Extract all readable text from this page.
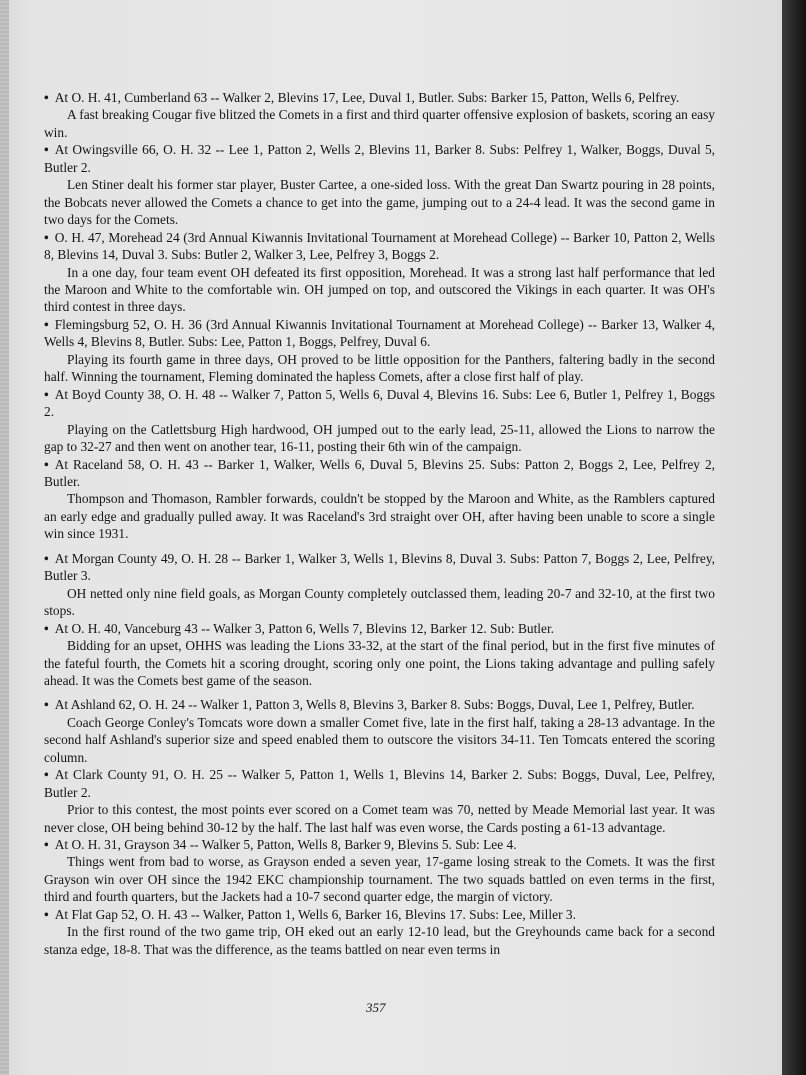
• At O. H. 41, Cumberland 63 -- Walker 2, Blevins 17, Lee, Duval 1, Butler. Subs: Barker 15, Patton, Wells 6, Pelfrey.

A fast breaking Cougar five blitzed the Comets in a first and third quarter offensive explosion of baskets, scoring an easy win.

• At Owingsville 66, O. H. 32 -- Lee 1, Patton 2, Wells 2, Blevins 11, Barker 8. Subs: Pelfrey 1, Walker, Boggs, Duval 5, Butler 2.

Len Stiner dealt his former star player, Buster Cartee, a one-sided loss. With the great Dan Swartz pouring in 28 points, the Bobcats never allowed the Comets a chance to get into the game, jumping out to a 24-4 lead. It was the second game in two days for the Comets.

• O. H. 47, Morehead 24 (3rd Annual Kiwannis Invitational Tournament at Morehead College) -- Barker 10, Patton 2, Wells 8, Blevins 14, Duval 3. Subs: Butler 2, Walker 3, Lee, Pelfrey 3, Boggs 2.

In a one day, four team event OH defeated its first opposition, Morehead. It was a strong last half performance that led the Maroon and White to the comfortable win. OH jumped on top, and outscored the Vikings in each quarter. It was OH's third contest in three days.

• Flemingsburg 52, O. H. 36 (3rd Annual Kiwannis Invitational Tournament at Morehead College) -- Barker 13, Walker 4, Wells 4, Blevins 8, Butler. Subs: Lee, Patton 1, Boggs, Pelfrey, Duval 6.

Playing its fourth game in three days, OH proved to be little opposition for the Panthers, faltering badly in the second half. Winning the tournament, Fleming dominated the hapless Comets, after a close first half of play.

• At Boyd County 38, O. H. 48 -- Walker 7, Patton 5, Wells 6, Duval 4, Blevins 16. Subs: Lee 6, Butler 1, Pelfrey 1, Boggs 2.

Playing on the Catlettsburg High hardwood, OH jumped out to the early lead, 25-11, allowed the Lions to narrow the gap to 32-27 and then went on another tear, 16-11, posting their 6th win of the campaign.

• At Raceland 58, O. H. 43 -- Barker 1, Walker, Wells 6, Duval 5, Blevins 25. Subs: Patton 2, Boggs 2, Lee, Pelfrey 2, Butler.

Thompson and Thomason, Rambler forwards, couldn't be stopped by the Maroon and White, as the Ramblers captured an early edge and gradually pulled away. It was Raceland's 3rd straight over OH, after having been unable to score a single win since 1931.

• At Morgan County 49, O. H. 28 -- Barker 1, Walker 3, Wells 1, Blevins 8, Duval 3. Subs: Patton 7, Boggs 2, Lee, Pelfrey, Butler 3.

OH netted only nine field goals, as Morgan County completely outclassed them, leading 20-7 and 32-10, at the first two stops.

• At O. H. 40, Vanceburg 43 -- Walker 3, Patton 6, Wells 7, Blevins 12, Barker 12. Sub: Butler.

Bidding for an upset, OHHS was leading the Lions 33-32, at the start of the final period, but in the first five minutes of the fateful fourth, the Comets hit a scoring drought, scoring only one point, the Lions taking advantage and pulling safely ahead. It was the Comets best game of the season.

• At Ashland 62, O. H. 24 -- Walker 1, Patton 3, Wells 8, Blevins 3, Barker 8. Subs: Boggs, Duval, Lee 1, Pelfrey, Butler.

Coach George Conley's Tomcats wore down a smaller Comet five, late in the first half, taking a 28-13 advantage. In the second half Ashland's superior size and speed enabled them to outscore the visitors 34-11. Ten Tomcats entered the scoring column.

• At Clark County 91, O. H. 25 -- Walker 5, Patton 1, Wells 1, Blevins 14, Barker 2. Subs: Boggs, Duval, Lee, Pelfrey, Butler 2.

Prior to this contest, the most points ever scored on a Comet team was 70, netted by Meade Memorial last year. It was never close, OH being behind 30-12 by the half. The last half was even worse, the Cards posting a 61-13 advantage.

• At O. H. 31, Grayson 34 -- Walker 5, Patton, Wells 8, Barker 9, Blevins 5. Sub: Lee 4.

Things went from bad to worse, as Grayson ended a seven year, 17-game losing streak to the Comets. It was the first Grayson win over OH since the 1942 EKC championship tournament. The two squads battled on even terms in the first, third and fourth quarters, but the Jackets had a 10-7 second quarter edge, the margin of victory.

• At Flat Gap 52, O. H. 43 -- Walker, Patton 1, Wells 6, Barker 16, Blevins 17. Subs: Lee, Miller 3.

In the first round of the two game trip, OH eked out an early 12-10 lead, but the Greyhounds came back for a second stanza edge, 18-8. That was the difference, as the teams battled on near even terms in

357
